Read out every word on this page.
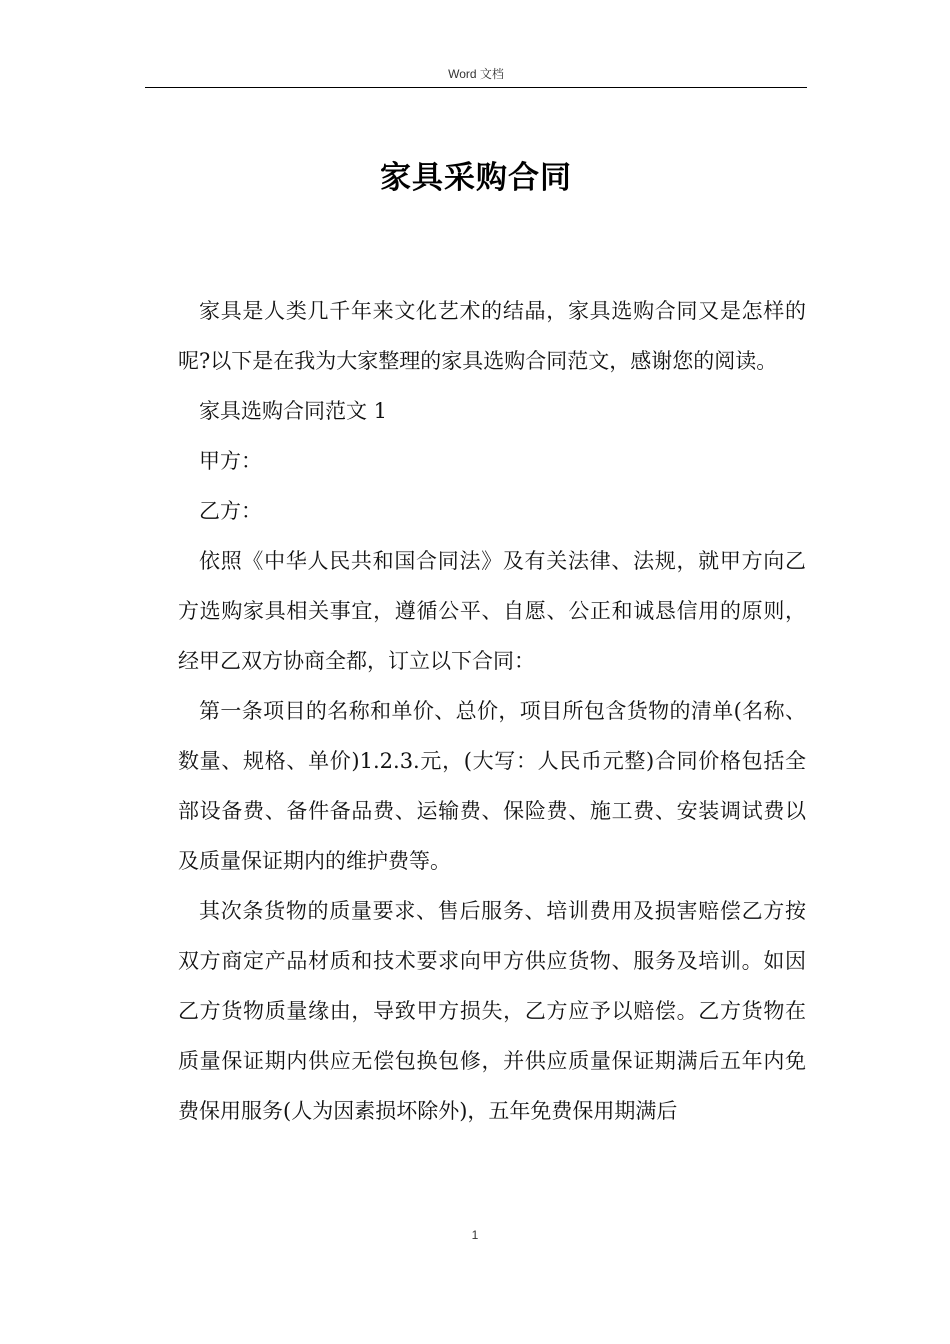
Word 文档
家具采购合同

家具是人类几千年来文化艺术的结晶，家具选购合同又是怎样的呢?以下是在我为大家整理的家具选购合同范文，感谢您的阅读。

家具选购合同范文 1

甲方：

乙方：

依照《中华人民共和国合同法》及有关法律、法规，就甲方向乙方选购家具相关事宜，遵循公平、自愿、公正和诚恳信用的原则，经甲乙双方协商全都，订立以下合同：

第一条项目的名称和单价、总价，项目所包含货物的清单(名称、数量、规格、单价)1.2.3.元，(大写：人民币元整)合同价格包括全部设备费、备件备品费、运输费、保险费、施工费、安装调试费以及质量保证期内的维护费等。

其次条货物的质量要求、售后服务、培训费用及损害赔偿乙方按双方商定产品材质和技术要求向甲方供应货物、服务及培训。如因乙方货物质量缘由，导致甲方损失，乙方应予以赔偿。乙方货物在质量保证期内供应无偿包换包修，并供应质量保证期满后五年内免费保用服务(人为因素损坏除外)，五年免费保用期满后

1
